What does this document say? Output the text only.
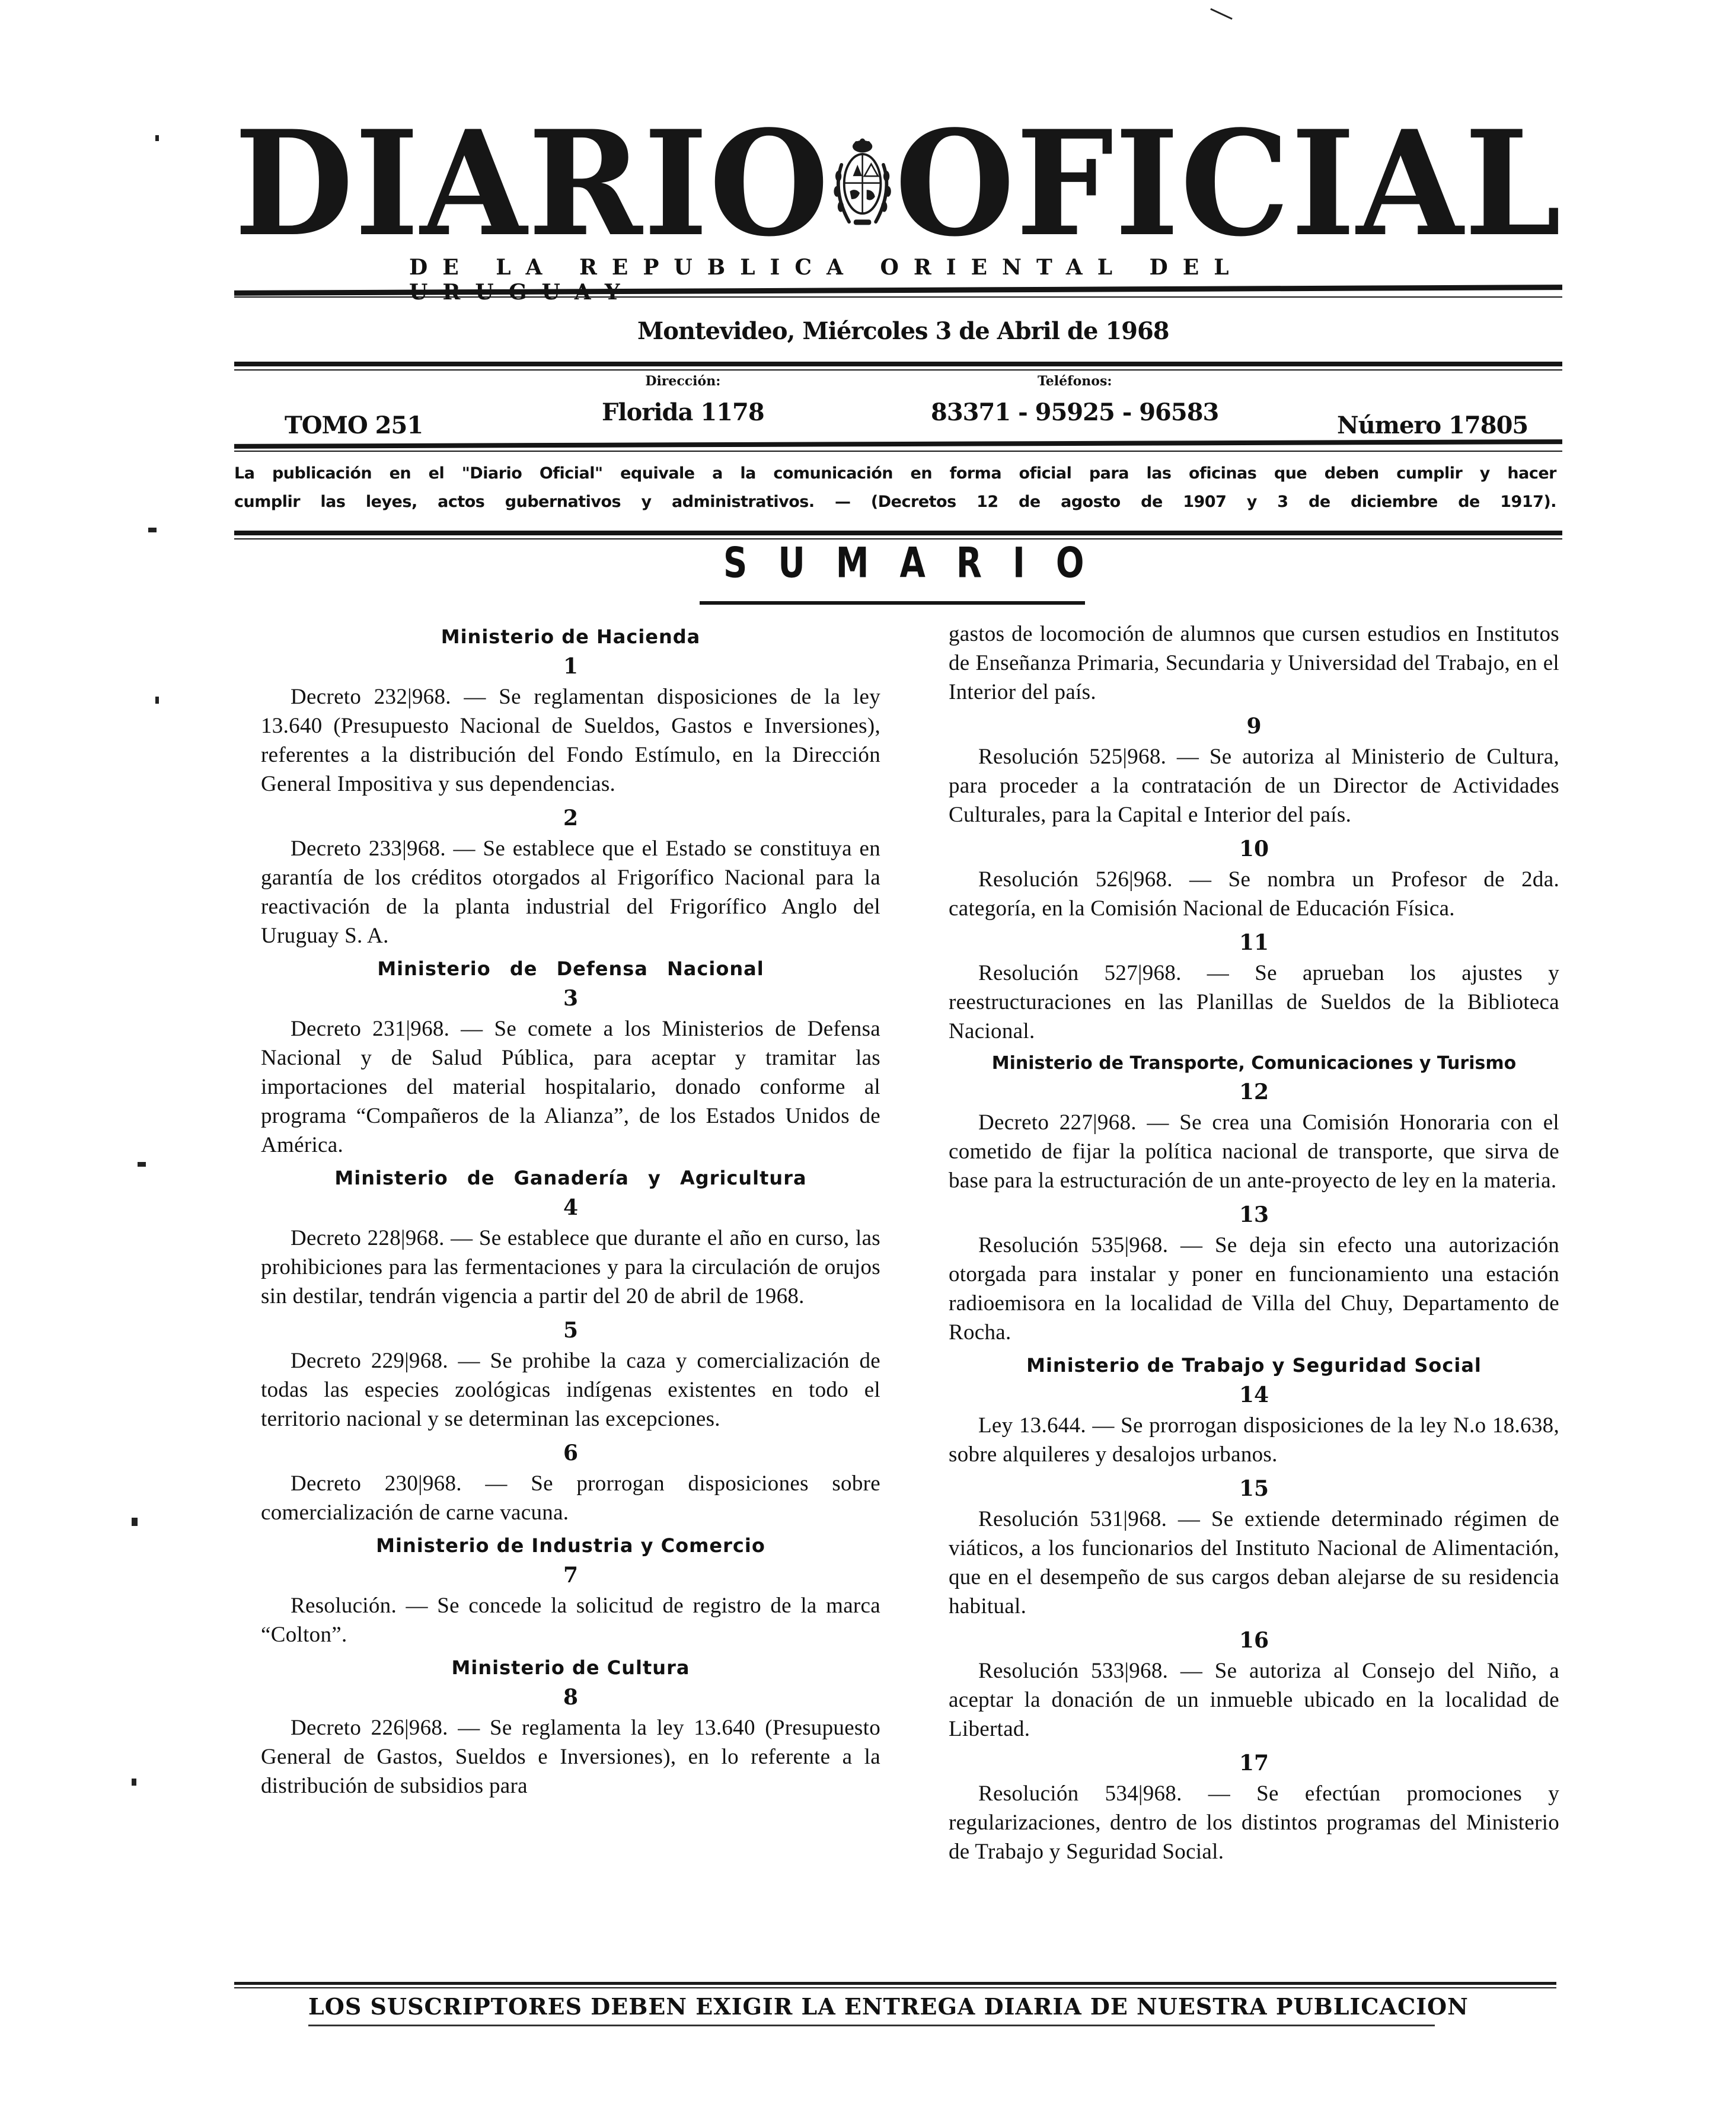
DIARIO OFICIAL
DE LA REPUBLICA ORIENTAL DEL
Montevideo, Miércoles 3 de Abril de 1968
TOMO 251
Dirección:
Florida 1178
Teléfonos:
83371 - 95925 - 96583	Número 17805
La publicación en el "Diario Oficial" equivale a la comunicación en forma oficial para las oficinas que deben cumplir y hacer
cumplir las leyes, actos gubernativos y administrativos. — (Decretos 12 de agosto de 1907 y 3 de diciembre de 1917).
SUMARIO
Ministerio de Hacienda
1

Decreto 232|968. — Se reglamentan disposiciones de la ley 13.640 (Presupuesto Nacional de Sueldos, Gastos e Inversiones), referentes a la distribución del Fondo Estímulo, en la Dirección General Impositiva y sus dependencias.

2

Decreto 233|968. — Se establece que el Estado se constituya en garantía de los créditos otorgados al Frigorífico Nacional para la reactivación de la planta industrial del Frigorífico Anglo del Uruguay S. A.

Ministerio de Defensa Nacional
3

Decreto 231|968. — Se comete a los Ministerios de Defensa Nacional y de Salud Pública, para aceptar y tramitar las importaciones del material hospitalario, donado conforme al programa “Compañeros de la Alianza”, de los Estados Unidos de América.

Ministerio de Ganadería y Agricultura
4

Decreto 228|968. — Se establece que durante el año en curso, las prohibiciones para las fermentaciones y para la circulación de orujos sin destilar, tendrán vigencia a partir del 20 de abril de 1968.

5

Decreto 229|968. — Se prohibe la caza y comercialización de todas las especies zoológicas indígenas existentes en todo el territorio nacional y se determinan las excepciones.

6

Decreto 230|968. — Se prorrogan disposiciones sobre comercialización de carne vacuna.

Ministerio de Industria y Comercio
7

Resolución. — Se concede la solicitud de registro de la marca “Colton”.

Ministerio de Cultura
8

Decreto 226|968. — Se reglamenta la ley 13.640 (Presupuesto General de Gastos, Sueldos e Inversiones), en lo referente a la distribución de subsidios para

gastos de locomoción de alumnos que cursen estudios en Institutos de Enseñanza Primaria, Secundaria y Universidad del Trabajo, en el Interior del país.

9

Resolución 525|968. — Se autoriza al Ministerio de Cultura, para proceder a la contratación de un Director de Actividades Culturales, para la Capital e Interior del país.

10

Resolución 526|968. — Se nombra un Profesor de 2da. categoría, en la Comisión Nacional de Educación Física.

11

Resolución 527|968. — Se aprueban los ajustes y reestructuraciones en las Planillas de Sueldos de la Biblioteca Nacional.

Ministerio de Transporte, Comunicaciones y Turismo
12

Decreto 227|968. — Se crea una Comisión Honoraria con el cometido de fijar la política nacional de transporte, que sirva de base para la estructuración de un ante-proyecto de ley en la materia.

13

Resolución 535|968. — Se deja sin efecto una autorización otorgada para instalar y poner en funcionamiento una estación radioemisora en la localidad de Villa del Chuy, Departamento de Rocha.

Ministerio de Trabajo y Seguridad Social
14

Ley 13.644. — Se prorrogan disposiciones de la ley N.o 18.638, sobre alquileres y desalojos urbanos.

15

Resolución 531|968. — Se extiende determinado régimen de viáticos, a los funcionarios del Instituto Nacional de Alimentación, que en el desempeño de sus cargos deban alejarse de su residencia habitual.

16

Resolución 533|968. — Se autoriza al Consejo del Niño, a aceptar la donación de un inmueble ubicado en la localidad de Libertad.

17

Resolución 534|968. — Se efectúan promociones y regularizaciones, dentro de los distintos programas del Ministerio de Trabajo y Seguridad Social.

LOS SUSCRIPTORES DEBEN EXIGIR LA ENTREGA DIARIA DE NUESTRA PUBLICACION
